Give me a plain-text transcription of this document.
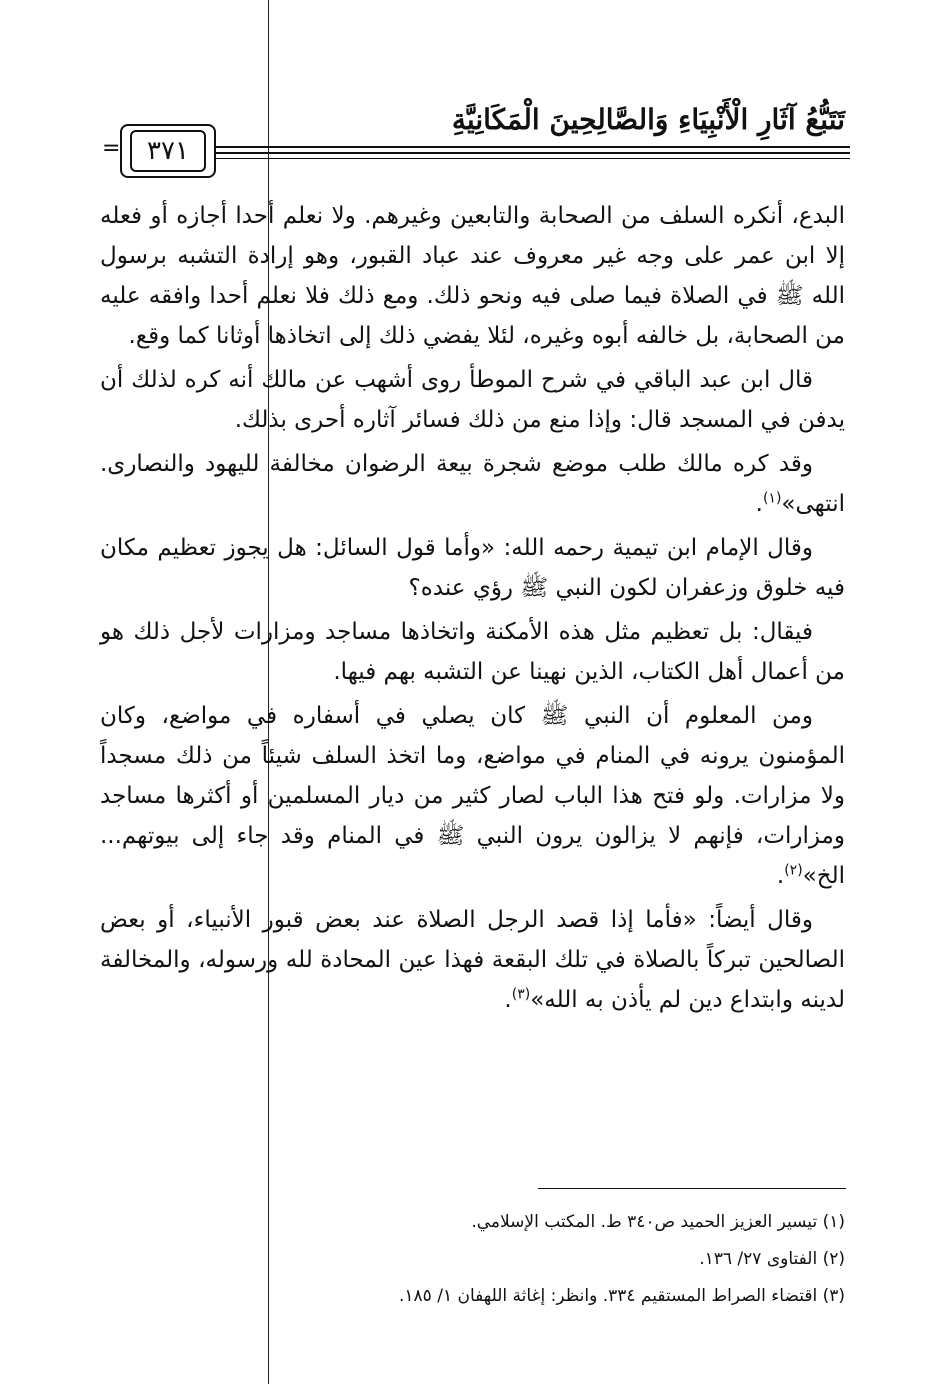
تَتَبُّعُ آثَارِ الْأَنْبِيَاءِ وَالصَّالِحِينَ الْمَكَانِيَّةِ
=	٣٧١

البدع، أنكره السلف من الصحابة والتابعين وغيرهم. ولا نعلم أحدا أجازه أو فعله إلا ابن عمر على وجه غير معروف عند عباد القبور، وهو إرادة التشبه برسول الله ﷺ في الصلاة فيما صلى فيه ونحو ذلك. ومع ذلك فلا نعلم أحدا وافقه عليه من الصحابة، بل خالفه أبوه وغيره، لئلا يفضي ذلك إلى اتخاذها أوثانا كما وقع.

قال ابن عبد الباقي في شرح الموطأ روى أشهب عن مالك أنه كره لذلك أن يدفن في المسجد قال: وإذا منع من ذلك فسائر آثاره أحرى بذلك.

وقد كره مالك طلب موضع شجرة بيعة الرضوان مخالفة لليهود والنصارى. انتهى»$^{(١)}$.

وقال الإمام ابن تيمية رحمه الله: «وأما قول السائل: هل يجوز تعظيم مكان فيه خلوق وزعفران لكون النبي ﷺ رؤي عنده؟

فيقال: بل تعظيم مثل هذه الأمكنة واتخاذها مساجد ومزارات لأجل ذلك هو من أعمال أهل الكتاب، الذين نهينا عن التشبه بهم فيها.

ومن المعلوم أن النبي ﷺ كان يصلي في أسفاره في مواضع، وكان المؤمنون يرونه في المنام في مواضع، وما اتخذ السلف شيئاً من ذلك مسجداً ولا مزارات. ولو فتح هذا الباب لصار كثير من ديار المسلمين أو أكثرها مساجد ومزارات، فإنهم لا يزالون يرون النبي ﷺ في المنام وقد جاء إلى بيوتهم... الخ»$^{(٢)}$.

وقال أيضاً: «فأما إذا قصد الرجل الصلاة عند بعض قبور الأنبياء، أو بعض الصالحين تبركاً بالصلاة في تلك البقعة فهذا عين المحادة لله ورسوله، والمخالفة لدينه وابتداع دين لم يأذن به الله»$^{(٣)}$.

(١) تيسير العزيز الحميد ص٣٤٠ ط. المكتب الإسلامي.
(٢) الفتاوى ٢٧/ ١٣٦.
(٣) اقتضاء الصراط المستقيم ٣٣٤. وانظر: إغاثة اللهفان ١/ ١٨٥.
